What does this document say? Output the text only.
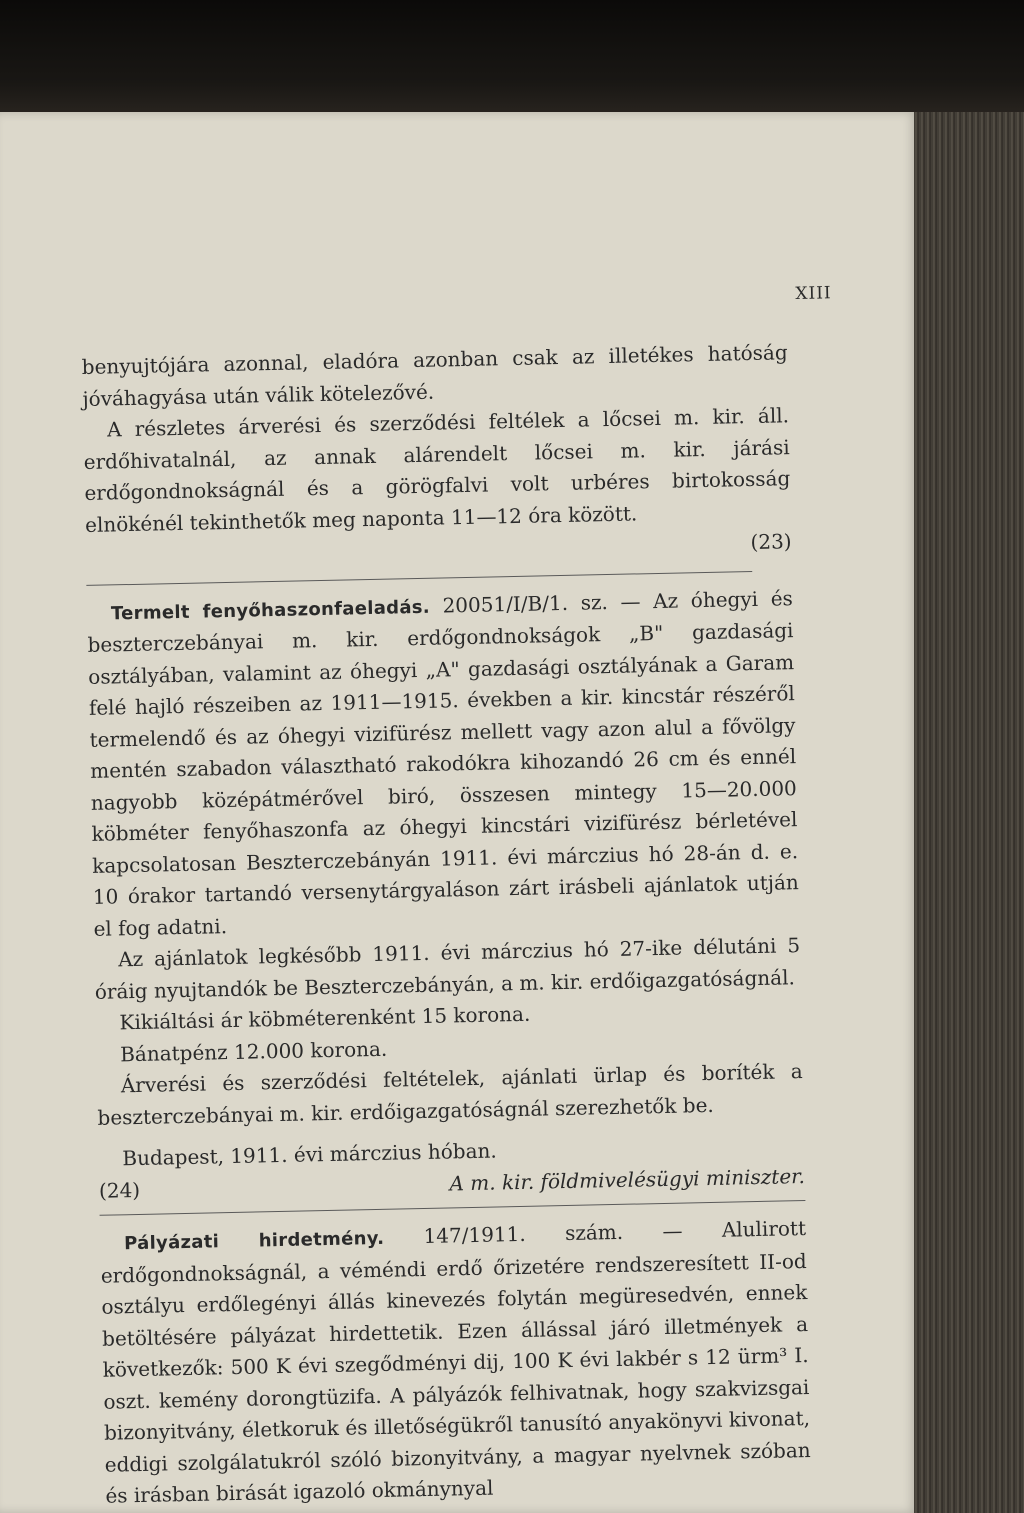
XIII

benyujtójára azonnal, eladóra azonban csak az illetékes hatóság jóváhagyása után válik kötelezővé.

A részletes árverési és szerződési feltélek a lőcsei m. kir. áll. erdőhivatalnál, az annak alárendelt lőcsei m. kir. járási erdőgondnokságnál és a görögfalvi volt urbéres birtokosság elnökénél tekinthetők meg naponta 11—12 óra között.

(23)

Termelt fenyőhaszonfaeladás. 20051/I/B/1. sz. — Az óhegyi és beszterczebányai m. kir. erdőgondnokságok „B" gazdasági osztályában, valamint az óhegyi „A" gazdasági osztályának a Garam felé hajló részeiben az 1911—1915. években a kir. kincstár részéről termelendő és az óhegyi vizifürész mellett vagy azon alul a fővölgy mentén szabadon választható rakodókra kihozandó 26 cm és ennél nagyobb középátmérővel biró, összesen mintegy 15—20.000 köbméter fenyőhaszonfa az óhegyi kincstári vizifürész bérletével kapcsolatosan Beszterczebányán 1911. évi márczius hó 28-án d. e. 10 órakor tartandó versenytárgyaláson zárt irásbeli ajánlatok utján el fog adatni.

Az ajánlatok legkésőbb 1911. évi márczius hó 27-ike délutáni 5 óráig nyujtandók be Beszterczebányán, a m. kir. erdőigazgatóságnál.

Kikiáltási ár köbméterenként 15 korona.

Bánatpénz 12.000 korona.

Árverési és szerződési feltételek, ajánlati ürlap és boríték a beszterczebányai m. kir. erdőigazgatóságnál szerezhetők be.

Budapest, 1911. évi márczius hóban.

(24)	A m. kir. földmivelésügyi miniszter.

Pályázati hirdetmény. 147/1911. szám. — Alulirott erdőgondnokságnál, a véméndi erdő őrizetére rendszeresített II-od osztályu erdőlegényi állás kinevezés folytán megüresedvén, ennek betöltésére pályázat hirdettetik. Ezen állással járó illetmények a következők: 500 K évi szegődményi dij, 100 K évi lakbér s 12 ürm³ I. oszt. kemény dorongtüzifa. A pályázók felhivatnak, hogy szakvizsgai bizonyitvány, életkoruk és illetőségükről tanusító anyakönyvi kivonat, eddigi szolgálatukról szóló bizonyitvány, a magyar nyelvnek szóban és irásban birását igazoló okmánynyal
